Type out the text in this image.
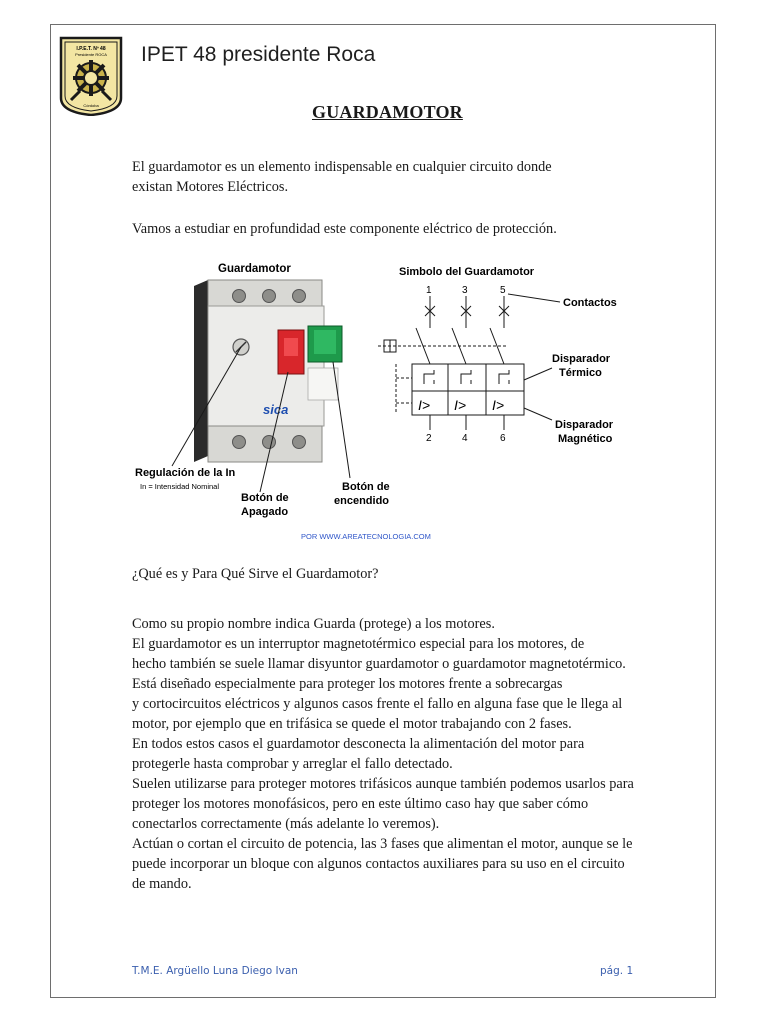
I.P.E.T. Nº 48
Presidente ROCA
Córdoba
IPET 48 presidente Roca
GUARDAMOTOR
El guardamotor es un elemento indispensable en cualquier circuito donde
existan Motores Eléctricos.
Vamos a estudiar en profundidad este componente eléctrico de protección.
Guardamotor
sica
Regulación de la In
In = Intensidad Nominal
Botón de
Apagado
Botón de
encendido
Simbolo del Guardamotor
1	3	5
2	4	6
I> I> I>
Contactos
Disparador
Térmico
Disparador
Magnético
POR WWW.AREATECNOLOGIA.COM
¿Qué es y Para Qué Sirve el Guardamotor?
Como su propio nombre indica Guarda (protege) a los motores.
El guardamotor es un interruptor magnetotérmico especial para los motores, de
hecho también se suele llamar disyuntor guardamotor o guardamotor magnetotérmico.
Está diseñado especialmente para proteger los motores frente a sobrecargas
y cortocircuitos eléctricos y algunos casos frente el fallo en alguna fase que le llega al
motor, por ejemplo que en trifásica se quede el motor trabajando con 2 fases.
En todos estos casos el guardamotor desconecta la alimentación del motor para
protegerle hasta comprobar y arreglar el fallo detectado.
Suelen utilizarse para proteger motores trifásicos aunque también podemos usarlos para
proteger los motores monofásicos, pero en este último caso hay que saber cómo
conectarlos correctamente (más adelante lo veremos).
Actúan o cortan el circuito de potencia, las 3 fases que alimentan el motor, aunque se le
puede incorporar un bloque con algunos contactos auxiliares para su uso en el circuito
de mando.
T.M.E. Argüello Luna Diego Ivan	pág. 1
